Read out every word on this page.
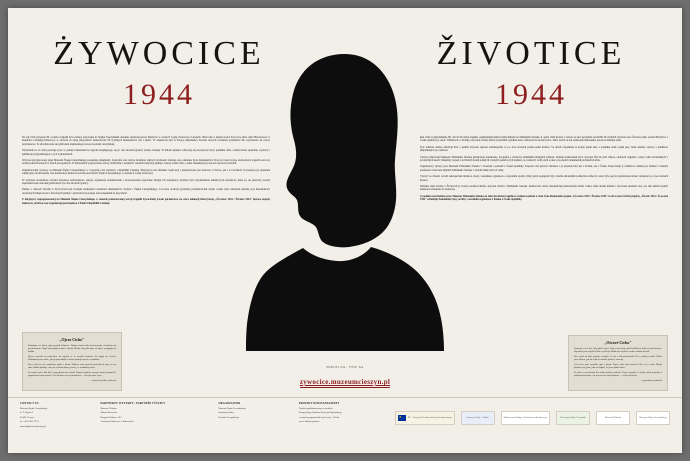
ŻYWOCICE
1944
ŽIVOTICE
1944

Na rok 1914 przypada 80. rocznica tragedii żywocickiej, nazywanej na Śląsku Cieszyńskim okrutnie określonej przez Niemców w czasie II wojny światowej. 6 sierpnia 1944 roku w miejscowości Żywocice (dziś część Hawierzowa w Republice Czeskiej) hitlerowcy w odwecie za akcję partyzantów zamordowali 36 cywilnych mieszkańców wsi i okolic. W większości byli to Polacy, mieszkańcy Zaolzia, których wcześniej wysiedlono lub wywieziono na roboty przymusowe. Ta zbrodnia stała się symbolem niemieckiego terroru na ziemi cieszyńskiej.

Wydarzenia te do dziś pozostają żywe w pamięci mieszkańców regionu znajdującego się po obu stronach granicy polsko-czeskiej. W dniach pamięci odbywają się uroczystości przy pomniku ofiar, a także liczne spotkania, wystawy i publikacje przypominające o tych wydarzeniach.

Wystawa przygotowana przez Muzeum Śląska Cieszyńskiego prezentuje dokumenty, fotografie oraz relacje świadków tamtych wydarzeń. Ukazuje ona codzienne życie mieszkańców Żywocic przed wojną, okoliczności tragedii oraz losy rodzin pomordowanych w latach powojennych. W materiałach wykorzystano zbiory archiwalne z polskich i czeskich instytucji pamięci, relacje rodzin ofiar, a także dokumenty procesowe sprawców zbrodni.

Organizatorami wystawy są Muzeum Śląska Cieszyńskiego w Cieszynie oraz partnerzy z Republiki Czeskiej. Ekspozycja ma charakter wędrowny i prezentowana jest zarówno w Polsce, jak i w Czechach. Towarzyszą jej spotkania edukacyjne dla młodzieży oraz konferencje naukowe poświęcone historii Śląska Cieszyńskiego w okresie II wojny światowej.

W wystawie uczestniczą również instytucje samorządowe, szkoły, organizacje kombatanckie i stowarzyszenia regionalne. Dzięki ich współpracy możliwe było zgromadzenie unikatowych świadectw, które po raz pierwszy zostały zaprezentowane szerokiej publiczności po obu stronach granicy.

Pamięć o ofiarach zbrodni w Żywocicach jest trwałym elementem tożsamości mieszkańców Zaolzia i Śląska Cieszyńskiego. Coroczne obchody gromadzą przedstawicieli władz, rodzin ofiar, młodzież szkolną oraz mieszkańców okolicznych miejscowości, dla których pamięć o przeszłości pozostaje zobowiązaniem na przyszłość.

Z inicjatywy zaproponowanej na Muzeum Śląska Cieszyńskiego w ramach prezentowanej wersji tragedii żywocickiej trwałe partnerstwo na rzecz edukacji historycznej „Żywocice 1944 / Životice 1944" łączące zespoły badawcze, archiwa oraz organizacje pozarządowe z Polski i Republiki Czeskiej.

Rok 1944 si připomínáme 80. výročí životické tragédie, nejsmutnější události připomínané na Těšínském Slezsku. 6. srpna 1944 nacisté v odvetu za akci partyzánů zavraždili 36 civilních obyvatel obce Životice (dnes součást Havířova v České republice) a okolí. Většinou šlo o Poláky, obyvatele Záolší, kteří byli předtím vysídleni nebo odvlečeni na nucené práce. Tento zločin se stal symbolem německého teroru na těšínské zemi.

Tyto události dodnes zůstávají živé v paměti obyvatel regionu nacházejícího se po obou stranách polsko-české hranice. Ve dnech vzpomínek se konají pietní akty u pomníku obětí, stejně jako četná setkání, výstavy a publikace připomínající tyto události.

Výstava připravená Muzeem Těšínského Slezska představuje dokumenty, fotografie a svědectví pamětníků tehdejších událostí. Ukazuje každodenní život obyvatel Životic před válkou, okolnosti tragédie i osudy rodin zavražděných v poválečných letech. Materiály čerpají z archivních fondů polských i českých paměťových institucí, ze svědectví rodin obětí a také z procesních dokumentů pachatelů zločinu.

Organizátory výstavy jsou Muzeum Těšínského Slezska v Cieszyně a partneři z České republiky. Expozice má putovní charakter a je prezentována jak v Polsku, tak v Česku. Doprovázejí ji vzdělávací setkání pro mládež a vědecké konference věnované dějinám Těšínského Slezska v období druhé světové války.

Výstavy se účastní rovněž samosprávné instituce, školy, veteránské organizace a regionální spolky. Díky jejich spolupráci bylo možné shromáždit jedinečná svědectví, která byla poprvé představena široké veřejnosti po obou stranách hranice.

Památka obětí zločinu v Životicích je trvalou součástí identity obyvatel Záolší a Těšínského Slezska. Každoroční oslavy shromažďují představitele úřadů, rodiny obětí, školní mládež i obyvatele okolních obcí, pro něž zůstává paměť minulosti závazkem do budoucna.

Z podnětu navrženého proto Muzeem Těšínského Slezska na téma životické tragédie se reálnou součástí a vznic bylo dlouhodobé spojení „Żywocice 1944 / Životice 1944" tvoří se nové tvůrčí projekty „Životic 1944 / Żywocice 1944" sdružující badatelské týmy, archivy a nevládní organizace z Polska a České republiky.

„Ojcze Cicho"

Pamiętam ten dzień, gdy przyszli żołnierze. Byłam wtedy małą dziewczynką i bawiłam się przed domem. Nagle usłyszałam krzyki i strzały. Matka chwyciła mnie za rękę i wciągnęła do środka.

Ojciec wyszedł na podwórko, bo myślał, że to zwykła kontrola. Już nigdy nie wrócił. Widziałam przez okno, jak go prowadzili w stronę stodoły razem z sąsiadami.

Przez całą noc nie mogliśmy wyjść z domu. Dopiero rano sąsiedzi powiedzieli nam, co się stało. Matka płakała, a my nie rozumieliśmy jeszcze, że zostaliśmy sami.

Po wojnie przez lata nikt o tym głośno nie mówił. Dopiero później zaczęto stawiać pomniki i organizować uroczystości. Ale dla nas to nie była historia — to było nasze życie.

— relacja świadka wydarzeń

„Otcové Cicho"

Pamatuji si ten den, kdy přišli vojáci. Byla jsem tehdy malá holčička a hrála si před domem. Najednou jsem uslyšela křik a výstřely. Matka mě chytila za ruku a vtáhla dovnitř.

Otec vyšel na dvůr, protože si myslel, že jde o běžnou kontrolu. Už se nikdy nevrátil. Viděla jsem oknem, jak ho vedli ke stodole spolu se sousedy.

Celou noc jsme nemohli vyjít z domu. Teprve ráno nám sousedé řekli, co se stalo. Matka plakala a my jsme ještě nechápali, že jsme zůstali sami.

Po válce o tom dlouhá léta nikdo nahlas nemluvil. Teprve později se začaly stavět pomníky a pořádat pietní akty. Ale pro nás to nebyla historie — byl to náš život.

— vzpomínka pamětníka

WIĘCEJ NA / VÍCE NA
zywocice.muzeumcieszyn.pl
CONTACT US

Muzeum Śląska Cieszyńskiego

ul. T. Regera 6

43-400 Cieszyn

tel. +48 33 851 29 32

muzeum@muzeumcieszyn.pl

PARTNERZY WYSTAWY / PARTNEŘI VÝSTAVY

Muzeum Těšínska

Miasto Hawierzów

Kongres Polaków w RC

Archiwum Państwowe w Katowicach

ORGANIZATOR

Muzeum Śląska Cieszyńskiego

instytucja kultury

Powiatu Cieszyńskiego

PROJEKT DOFINANSOWANY

Projekt współfinansowany ze środków

Europejskiego Funduszu Rozwoju Regionalnego

w ramach programu Interreg Czechy – Polska

oraz z budżetu państwa

★
EU – Europejski Fundusz Rozwoju Regionalnego	Interreg Czechy – Polska	Ministerstwo Kultury i Dziedzictwa Narodowego	Euroregion Śląsk Cieszyński	Muzeum Těšínska	Muzeum Śląska Cieszyńskiego
